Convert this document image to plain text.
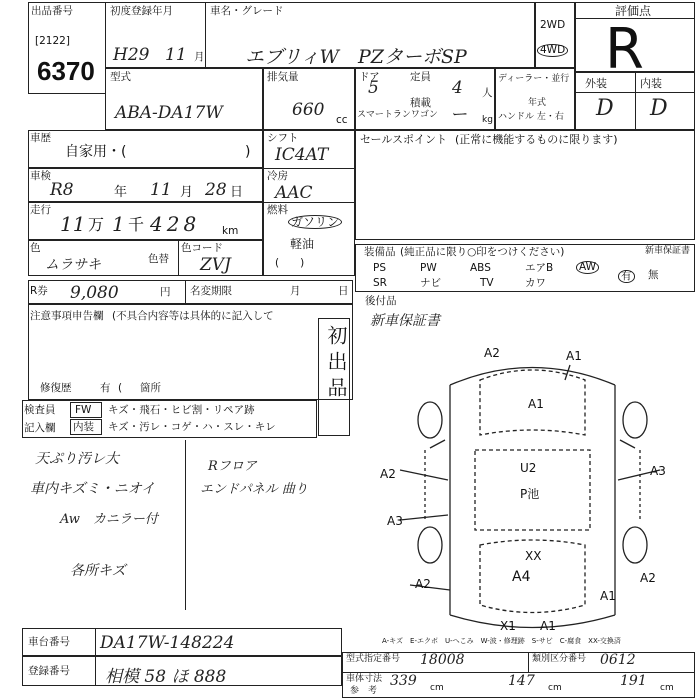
出品番号
[2122]
6370
初度登録年月
H29 11 月
車名・グレード
エブリィW PZターボSP
2WD
4WD
評価点
R
型式
ABA-DA17W
排気量
660 cc
ドア
5
定員
4 人
積載
ー kg
スマートランワゴン
ディーラー・並行
年式
ハンドル 左・右
外装	内装
D D
車歴
自家用・(	)
車検
R8	年 11 月 28 日
走行
11 万 1 千 428 km
色
ムラサキ	色替
色コード
ZVJ
シフト
IC4AT
冷房
AAC
燃料
ガソリン
軽油
(　　)
R券 9,080	円 名変期限	月	日
注意事項申告欄 (不具合内容等は具体的に記入して
初出品
修復歴	有 ( 箇所
検査員
記入欄
FW キズ・飛石・ヒビ割・リペア跡
内装 キズ・汚レ・コゲ・ハ・スレ・キレ
天ぷり汚レ大
車内キズミ・ニオイ
Aw　カニラー付
各所キズ
Rフロア
エンドパネル 曲り
セールスポイント (正常に機能するものに限ります)
装備品 (純正品に限り○印をつけください)	新車保証書
PS	PW	ABS	エアB AW
SR	ナビ	TV	カワ
有 無
後付品
新車保証書
A2	A1
A1
U2
P池
A2
A3
A3
XX
A4
A2	A2
A1
X1 A1
A-キズ　E-エクボ　U-へこみ　W-波・修理跡　S-サビ　C-腐食　XX-交換済
車台番号 DA17W-148224
登録番号 相模 58 ほ 888
型式指定番号 18008	類別区分番号 0612
車体寸法
参　考
339 cm	147 cm	191 cm
